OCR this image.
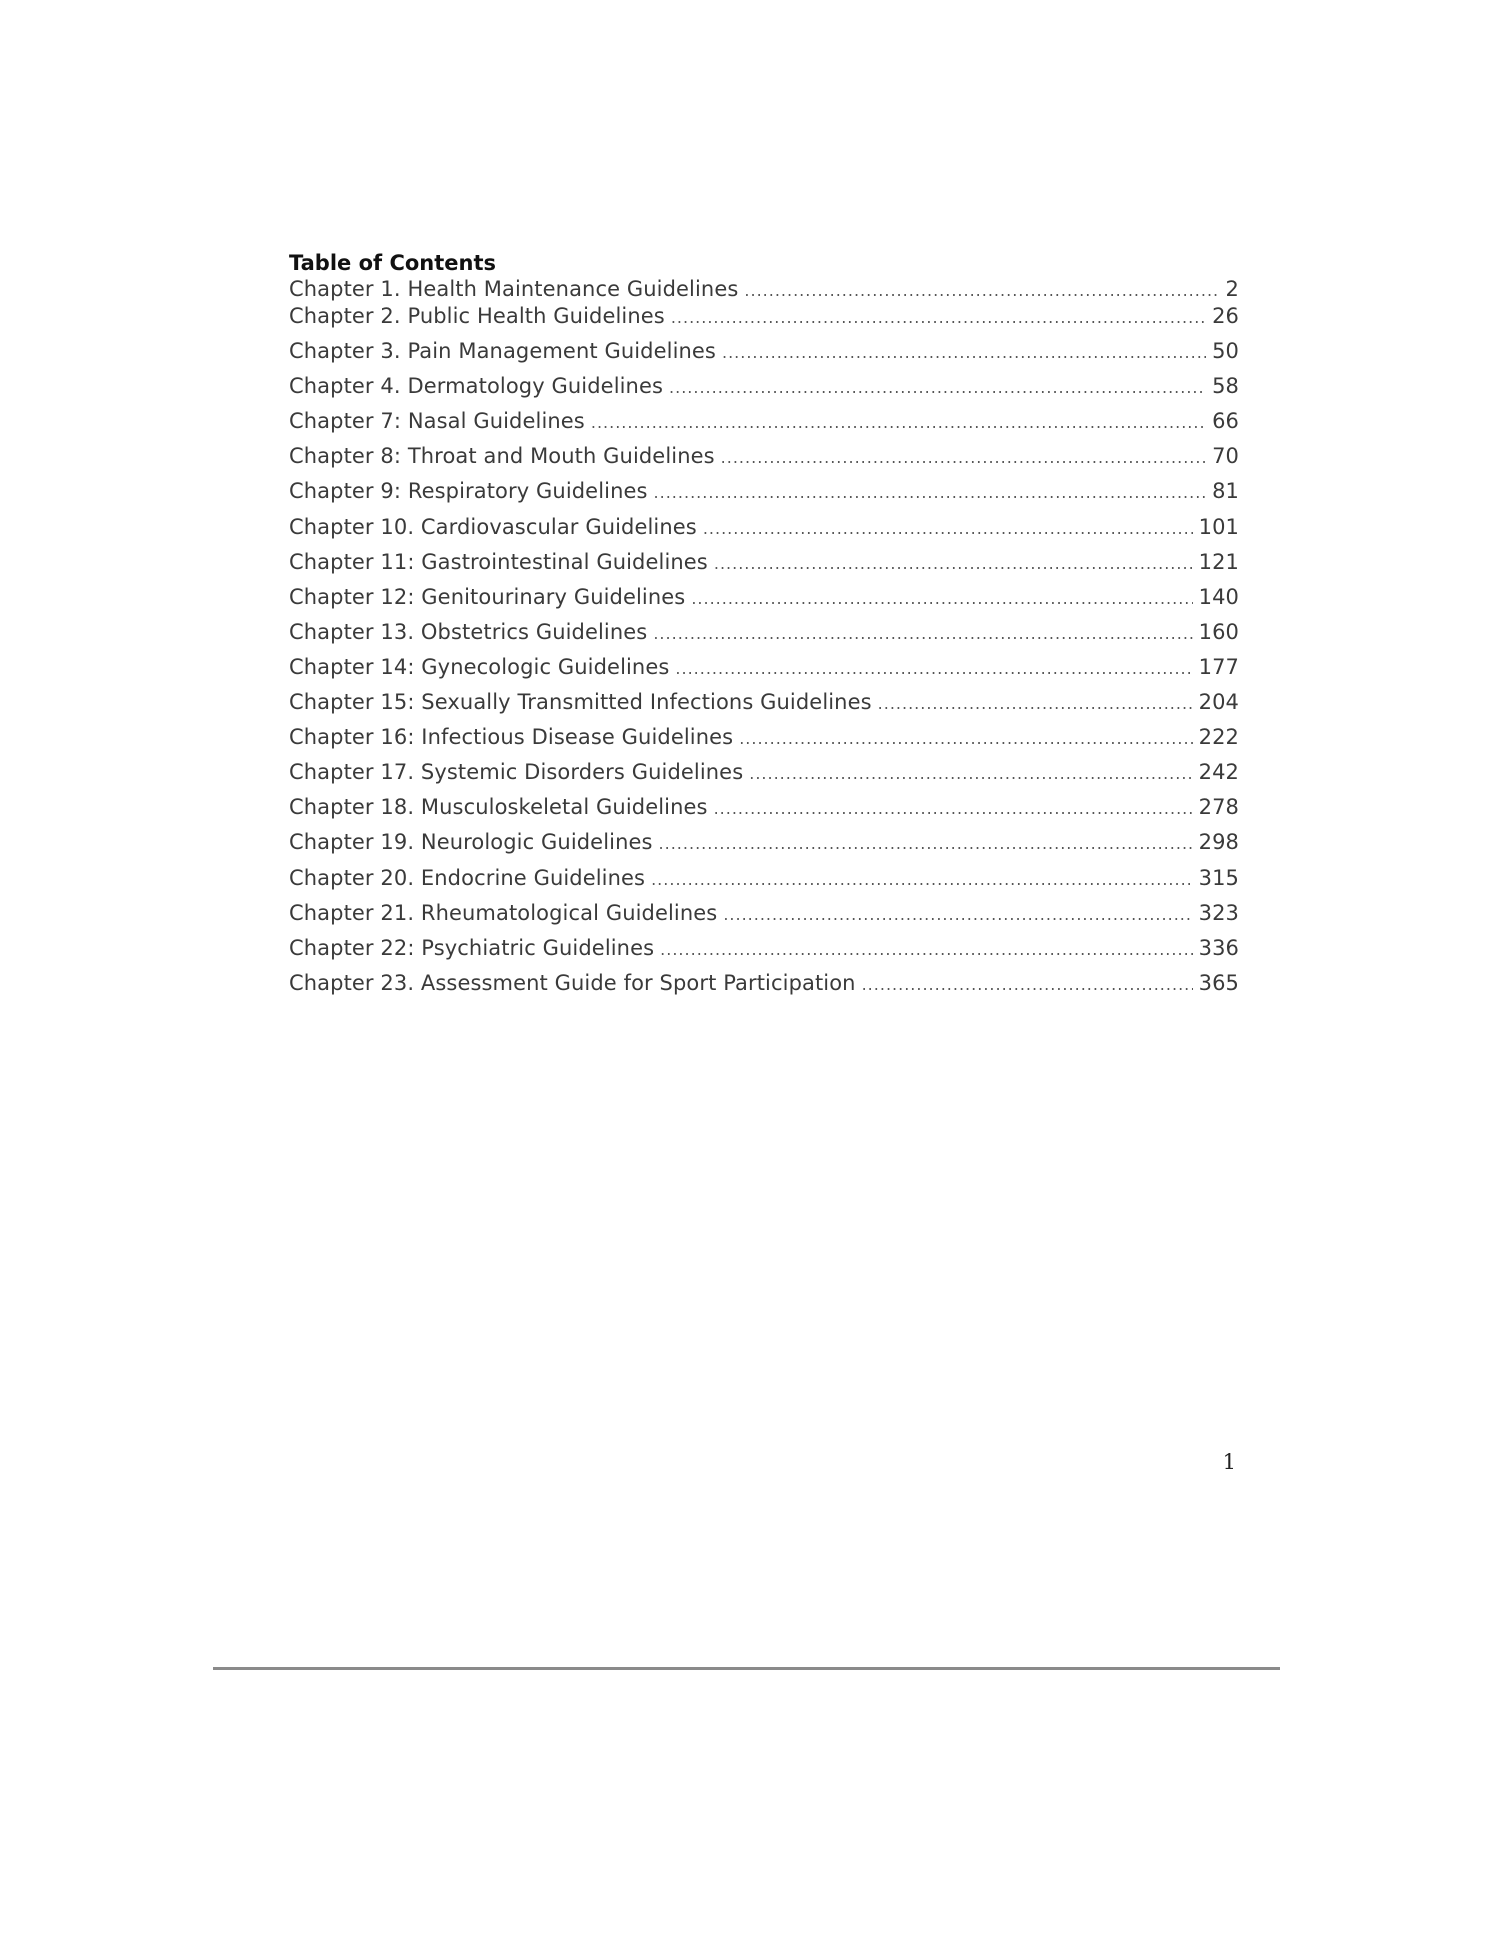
Table of Contents
Chapter 1. Health Maintenance Guidelines .....	2
Chapter 2. Public Health Guidelines .....	26
Chapter 3. Pain Management Guidelines .....	50
Chapter 4. Dermatology Guidelines .....	58
Chapter 7: Nasal Guidelines .....	66
Chapter 8: Throat and Mouth Guidelines .....	70
Chapter 9: Respiratory Guidelines .....	81
Chapter 10. Cardiovascular Guidelines .....	101
Chapter 11: Gastrointestinal Guidelines .....	121
Chapter 12: Genitourinary Guidelines .....	140
Chapter 13. Obstetrics Guidelines .....	160
Chapter 14: Gynecologic Guidelines .....	177
Chapter 15: Sexually Transmitted Infections Guidelines .....	204
Chapter 16: Infectious Disease Guidelines .....	222
Chapter 17. Systemic Disorders Guidelines .....	242
Chapter 18. Musculoskeletal Guidelines .....	278
Chapter 19. Neurologic Guidelines .....	298
Chapter 20. Endocrine Guidelines .....	315
Chapter 21. Rheumatological Guidelines .....	323
Chapter 22: Psychiatric Guidelines .....	336
Chapter 23. Assessment Guide for Sport Participation .....	365
1
